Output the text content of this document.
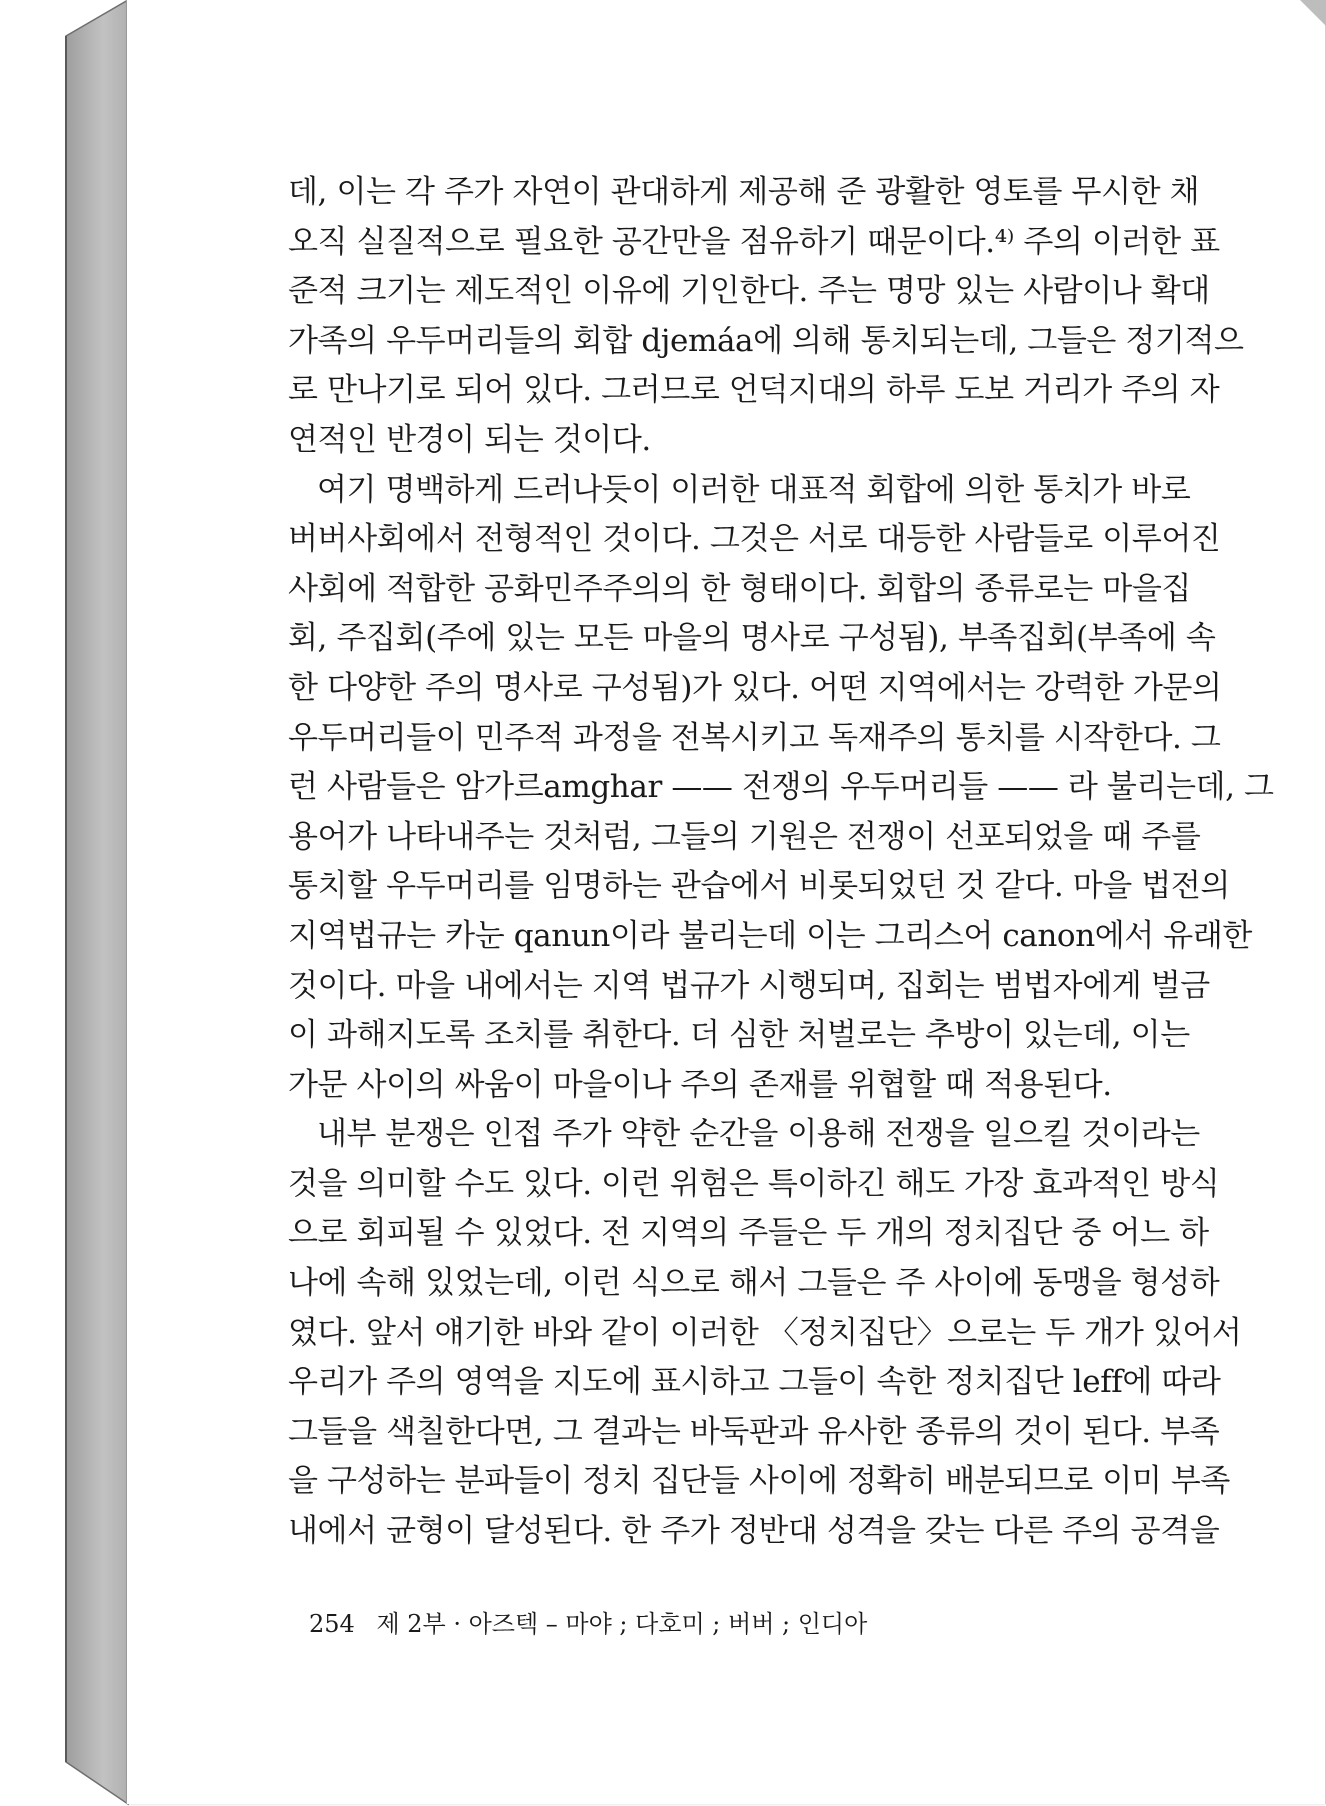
데, 이는 각 주가 자연이 관대하게 제공해 준 광활한 영토를 무시한 채
오직 실질적으로 필요한 공간만을 점유하기 때문이다.⁴⁾ 주의 이러한 표
준적 크기는 제도적인 이유에 기인한다. 주는 명망 있는 사람이나 확대
가족의 우두머리들의 회합 djemáa에 의해 통치되는데, 그들은 정기적으
로 만나기로 되어 있다. 그러므로 언덕지대의 하루 도보 거리가 주의 자
연적인 반경이 되는 것이다.
여기 명백하게 드러나듯이 이러한 대표적 회합에 의한 통치가 바로
버버사회에서 전형적인 것이다. 그것은 서로 대등한 사람들로 이루어진
사회에 적합한 공화민주주의의 한 형태이다. 회합의 종류로는 마을집
회, 주집회(주에 있는 모든 마을의 명사로 구성됨), 부족집회(부족에 속
한 다양한 주의 명사로 구성됨)가 있다. 어떤 지역에서는 강력한 가문의
우두머리들이 민주적 과정을 전복시키고 독재주의 통치를 시작한다. 그
런 사람들은 암가르amghar —— 전쟁의 우두머리들 —— 라 불리는데, 그
용어가 나타내주는 것처럼, 그들의 기원은 전쟁이 선포되었을 때 주를
통치할 우두머리를 임명하는 관습에서 비롯되었던 것 같다. 마을 법전의
지역법규는 카눈 qanun이라 불리는데 이는 그리스어 canon에서 유래한
것이다. 마을 내에서는 지역 법규가 시행되며, 집회는 범법자에게 벌금
이 과해지도록 조치를 취한다. 더 심한 처벌로는 추방이 있는데, 이는
가문 사이의 싸움이 마을이나 주의 존재를 위협할 때 적용된다.
내부 분쟁은 인접 주가 약한 순간을 이용해 전쟁을 일으킬 것이라는
것을 의미할 수도 있다. 이런 위험은 특이하긴 해도 가장 효과적인 방식
으로 회피될 수 있었다. 전 지역의 주들은 두 개의 정치집단 중 어느 하
나에 속해 있었는데, 이런 식으로 해서 그들은 주 사이에 동맹을 형성하
였다. 앞서 얘기한 바와 같이 이러한 〈정치집단〉으로는 두 개가 있어서
우리가 주의 영역을 지도에 표시하고 그들이 속한 정치집단 leff에 따라
그들을 색칠한다면, 그 결과는 바둑판과 유사한 종류의 것이 된다. 부족
을 구성하는 분파들이 정치 집단들 사이에 정확히 배분되므로 이미 부족
내에서 균형이 달성된다. 한 주가 정반대 성격을 갖는 다른 주의 공격을
254 제 2부 · 아즈텍 – 마야 ; 다호미 ; 버버 ; 인디아
